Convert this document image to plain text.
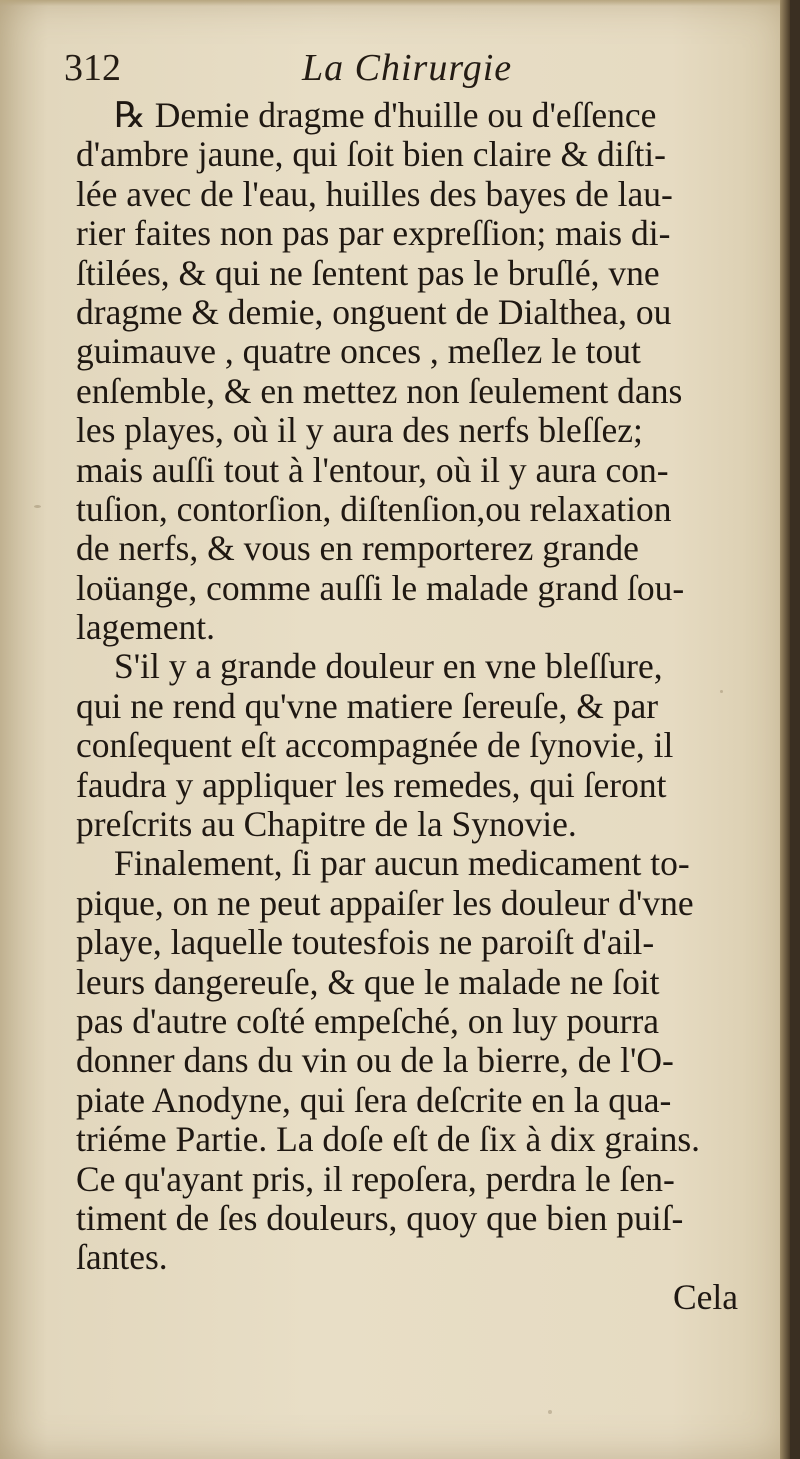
312	La Chirurgie
℞ Demie dragme d'huille ou d'eſſence
d'ambre jaune, qui ſoit bien claire & diſti-
lée avec de l'eau, huilles des bayes de lau-
rier faites non pas par expreſſion; mais di-
ſtilées, & qui ne ſentent pas le bruſlé, vne
dragme & demie, onguent de Dialthea, ou
guimauve , quatre onces , meſlez le tout
enſemble, & en mettez non ſeulement dans
les playes, où il y aura des nerfs bleſſez;
mais auſſi tout à l'entour, où il y aura con-
tuſion, contorſion, diſtenſion,ou relaxation
de nerfs, & vous en remporterez grande
loüange, comme auſſi le malade grand ſou-
lagement.
S'il y a grande douleur en vne bleſſure,
qui ne rend qu'vne matiere ſereuſe, & par
conſequent eſt accompagnée de ſynovie, il
faudra y appliquer les remedes, qui ſeront
preſcrits au Chapitre de la Synovie.
Finalement, ſi par aucun medicament to-
pique, on ne peut appaiſer les douleur d'vne
playe, laquelle toutesfois ne paroiſt d'ail-
leurs dangereuſe, & que le malade ne ſoit
pas d'autre coſté empeſché, on luy pourra
donner dans du vin ou de la bierre, de l'O-
piate Anodyne, qui ſera deſcrite en la qua-
triéme Partie. La doſe eſt de ſix à dix grains.
Ce qu'ayant pris, il repoſera, perdra le ſen-
timent de ſes douleurs, quoy que bien puiſ-
ſantes.
Cela
